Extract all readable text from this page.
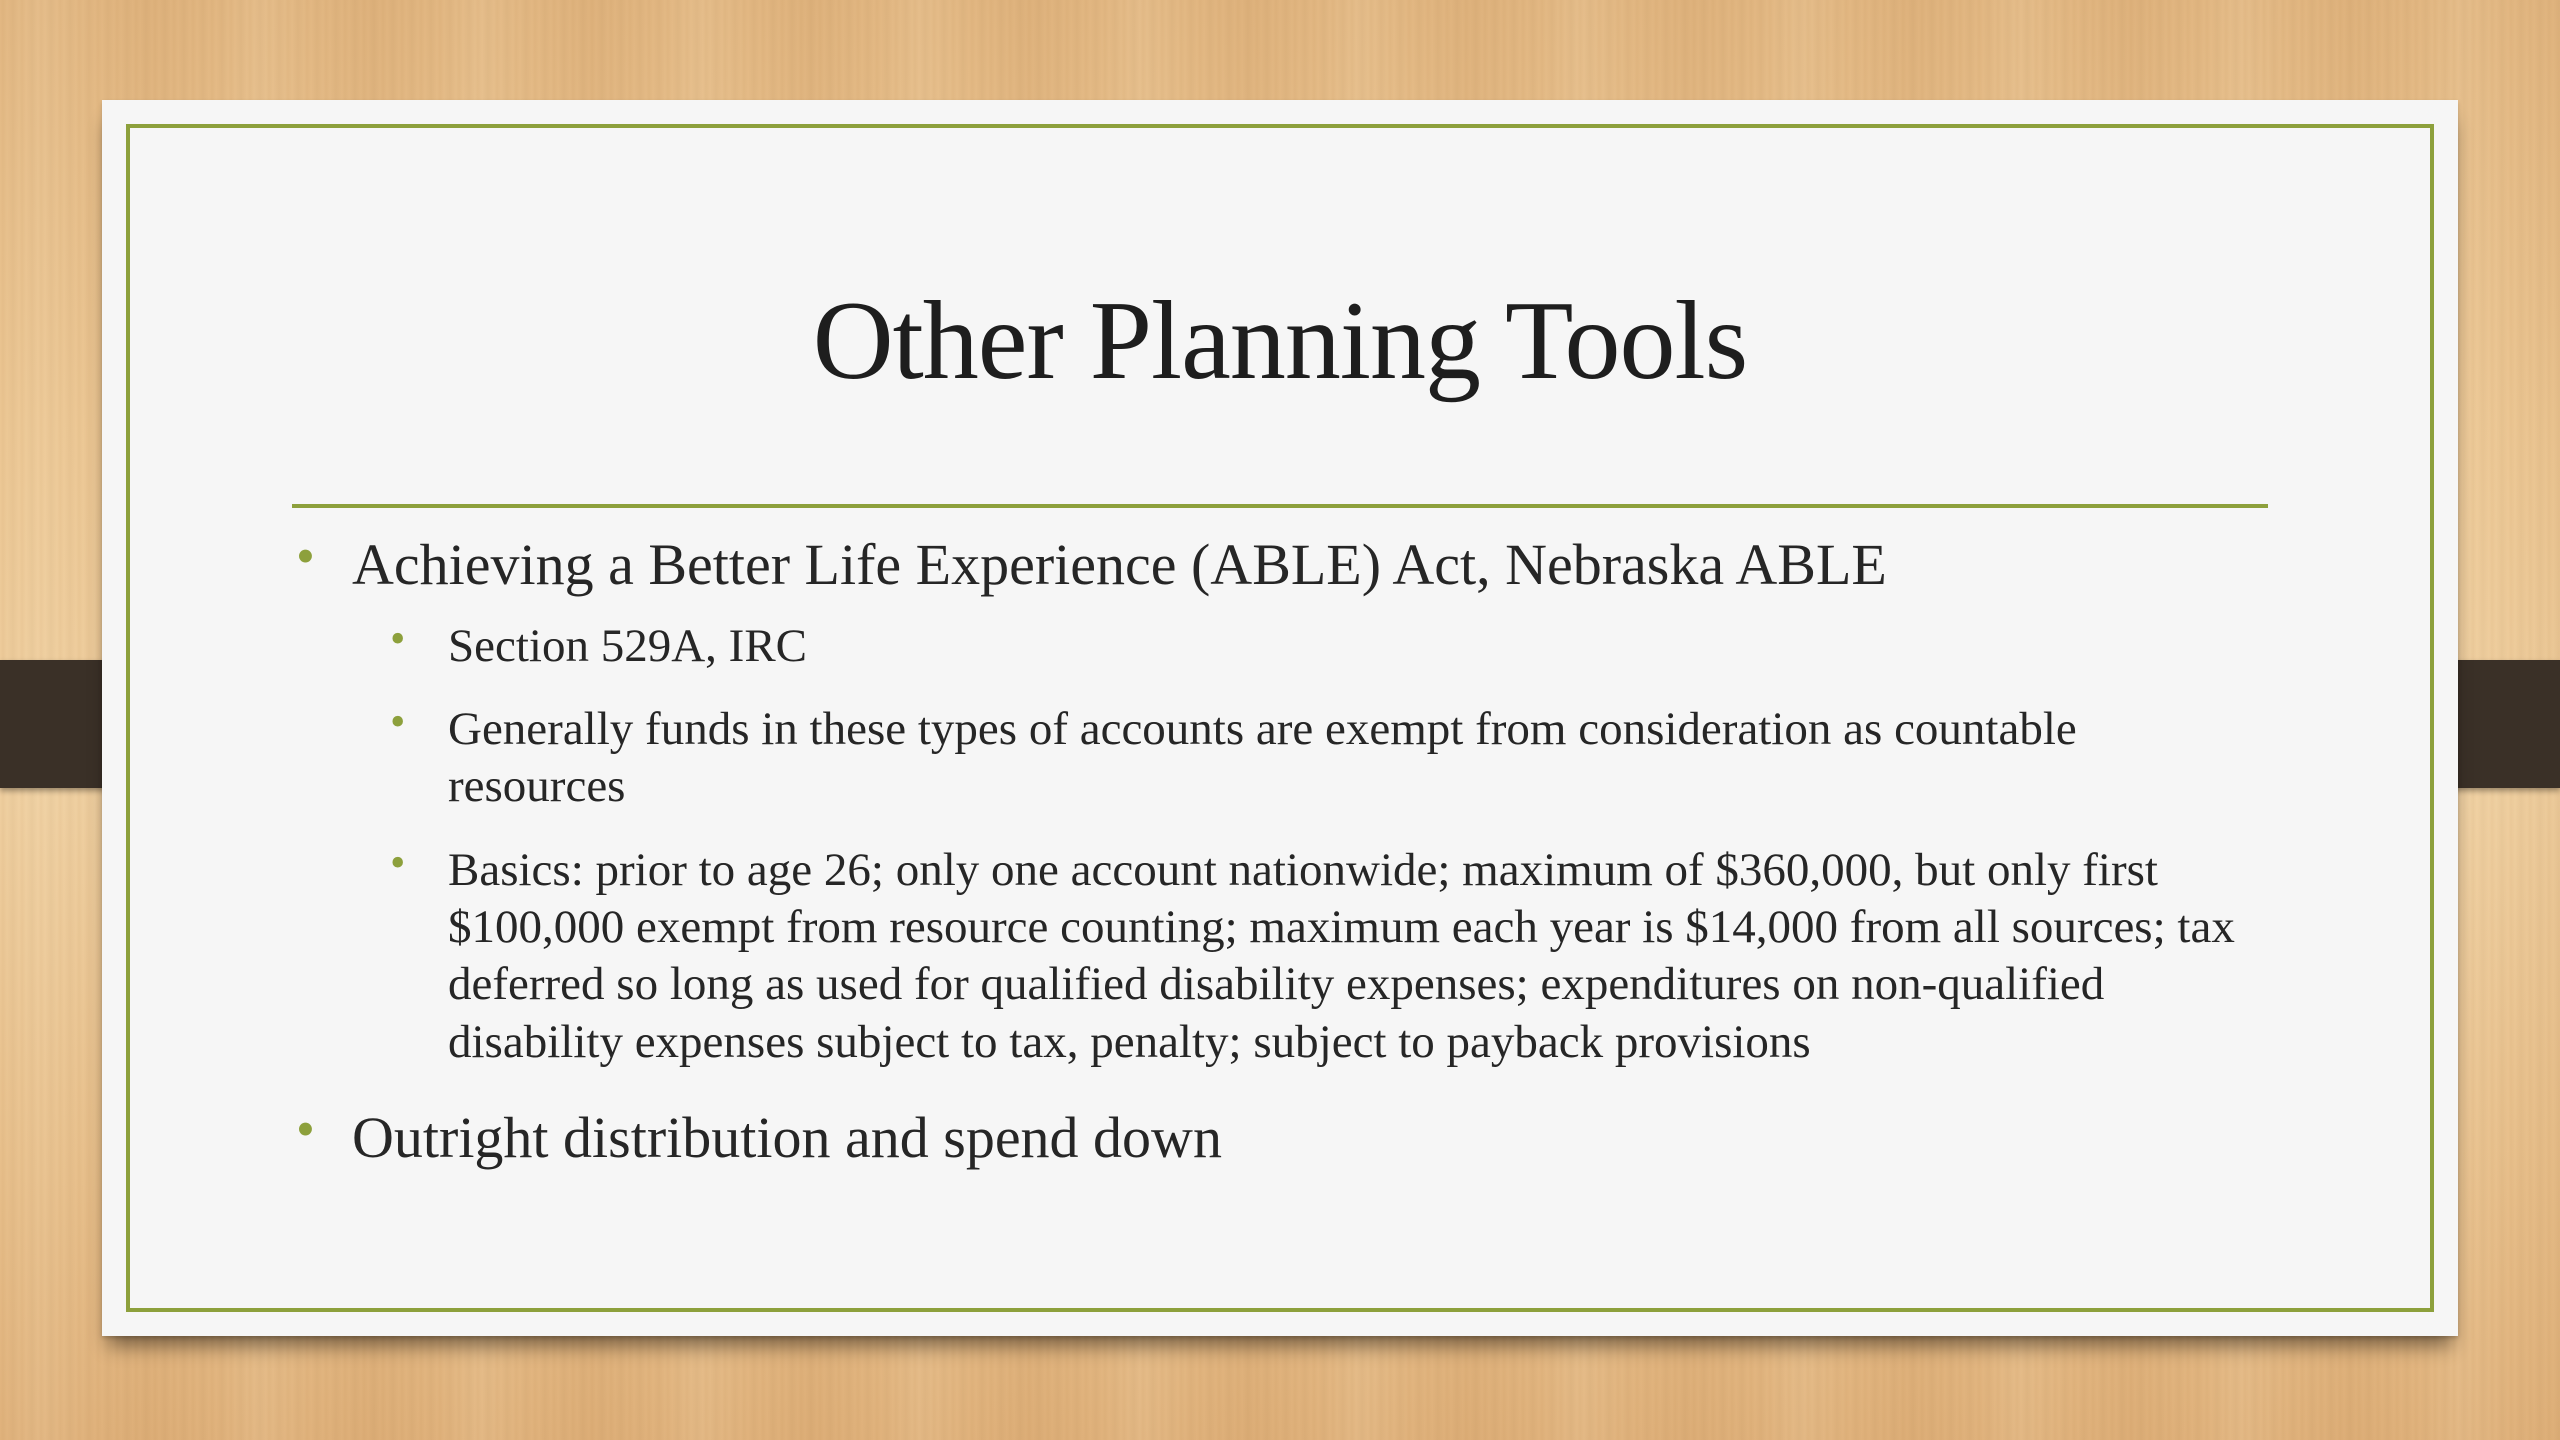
Other Planning Tools
• Achieving a Better Life Experience (ABLE) Act, Nebraska ABLE
• Section 529A, IRC
• Generally funds in these types of accounts are exempt from consideration as countable resources
• Basics: prior to age 26; only one account nationwide; maximum of $360,000, but only first $100,000 exempt from resource counting; maximum each year is $14,000 from all sources; tax deferred so long as used for qualified disability expenses; expenditures on non-qualified disability expenses subject to tax, penalty; subject to payback provisions
• Outright distribution and spend down
